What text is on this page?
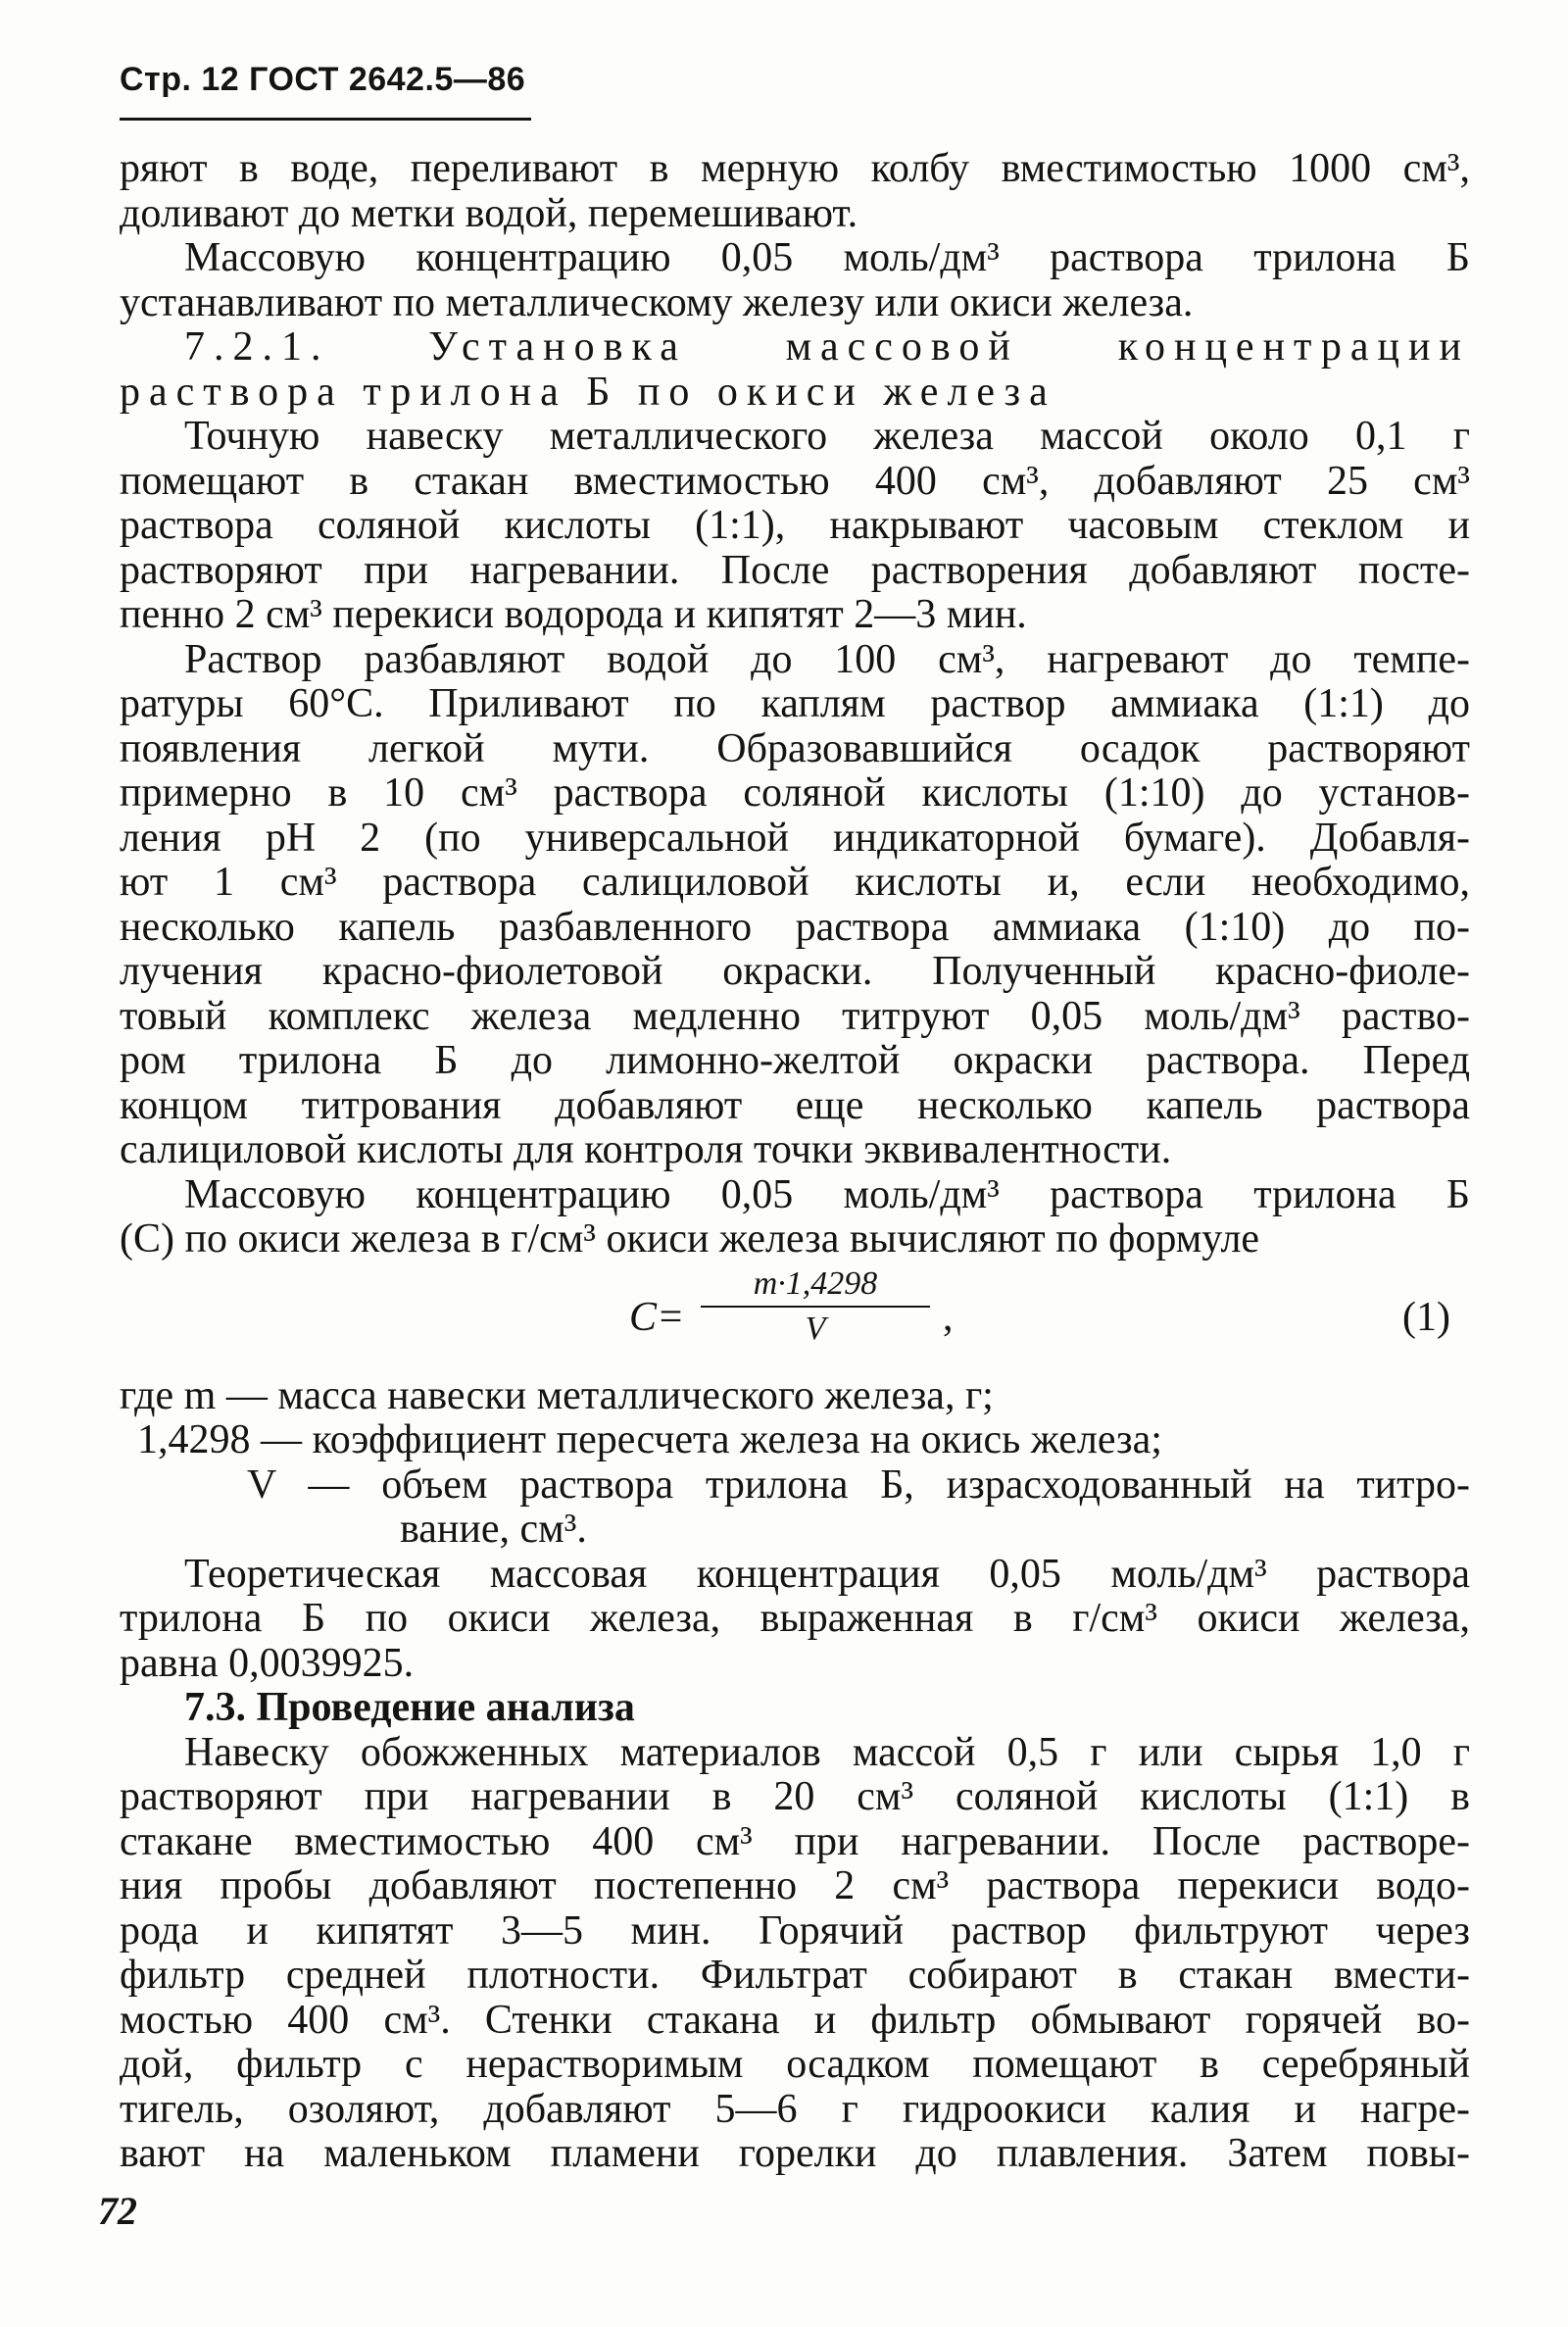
Стр. 12 ГОСТ 2642.5—86
ряют в воде, переливают в мерную колбу вместимостью 1000 см³,
доливают до метки водой, перемешивают.
Массовую концентрацию 0,05 моль/дм³ раствора трилона Б
устанавливают по металлическому железу или окиси железа.
7.2.1. Установка массовой концентрации
раствора трилона Б по окиси железа
Точную навеску металлического железа массой около 0,1 г
помещают в стакан вместимостью 400 см³, добавляют 25 см³
раствора соляной кислоты (1:1), накрывают часовым стеклом и
растворяют при нагревании. После растворения добавляют посте-
пенно 2 см³ перекиси водорода и кипятят 2—3 мин.
Раствор разбавляют водой до 100 см³, нагревают до темпе-
ратуры 60°С. Приливают по каплям раствор аммиака (1:1) до
появления легкой мути. Образовавшийся осадок растворяют
примерно в 10 см³ раствора соляной кислоты (1:10) до установ-
ления pH 2 (по универсальной индикаторной бумаге). Добавля-
ют 1 см³ раствора салициловой кислоты и, если необходимо,
несколько капель разбавленного раствора аммиака (1:10) до по-
лучения красно-фиолетовой окраски. Полученный красно-фиоле-
товый комплекс железа медленно титруют 0,05 моль/дм³ раство-
ром трилона Б до лимонно-желтой окраски раствора. Перед
концом титрования добавляют еще несколько капель раствора
салициловой кислоты для контроля точки эквивалентности.
Массовую концентрацию 0,05 моль/дм³ раствора трилона Б
(С) по окиси железа в г/см³ окиси железа вычисляют по формуле
С=
m·1,4298
V	,	(1)
где m — масса навески металлического железа, г;
1,4298 — коэффициент пересчета железа на окись железа;
V — объем раствора трилона Б, израсходованный на титро-
вание, см³.
Теоретическая массовая концентрация 0,05 моль/дм³ раствора
трилона Б по окиси железа, выраженная в г/см³ окиси железа,
равна 0,0039925.
7.3. Проведение анализа
Навеску обожженных материалов массой 0,5 г или сырья 1,0 г
растворяют при нагревании в 20 см³ соляной кислоты (1:1) в
стакане вместимостью 400 см³ при нагревании. После растворе-
ния пробы добавляют постепенно 2 см³ раствора перекиси водо-
рода и кипятят 3—5 мин. Горячий раствор фильтруют через
фильтр средней плотности. Фильтрат собирают в стакан вмести-
мостью 400 см³. Стенки стакана и фильтр обмывают горячей во-
дой, фильтр с нерастворимым осадком помещают в серебряный
тигель, озоляют, добавляют 5—6 г гидроокиси калия и нагре-
вают на маленьком пламени горелки до плавления. Затем повы-
72
